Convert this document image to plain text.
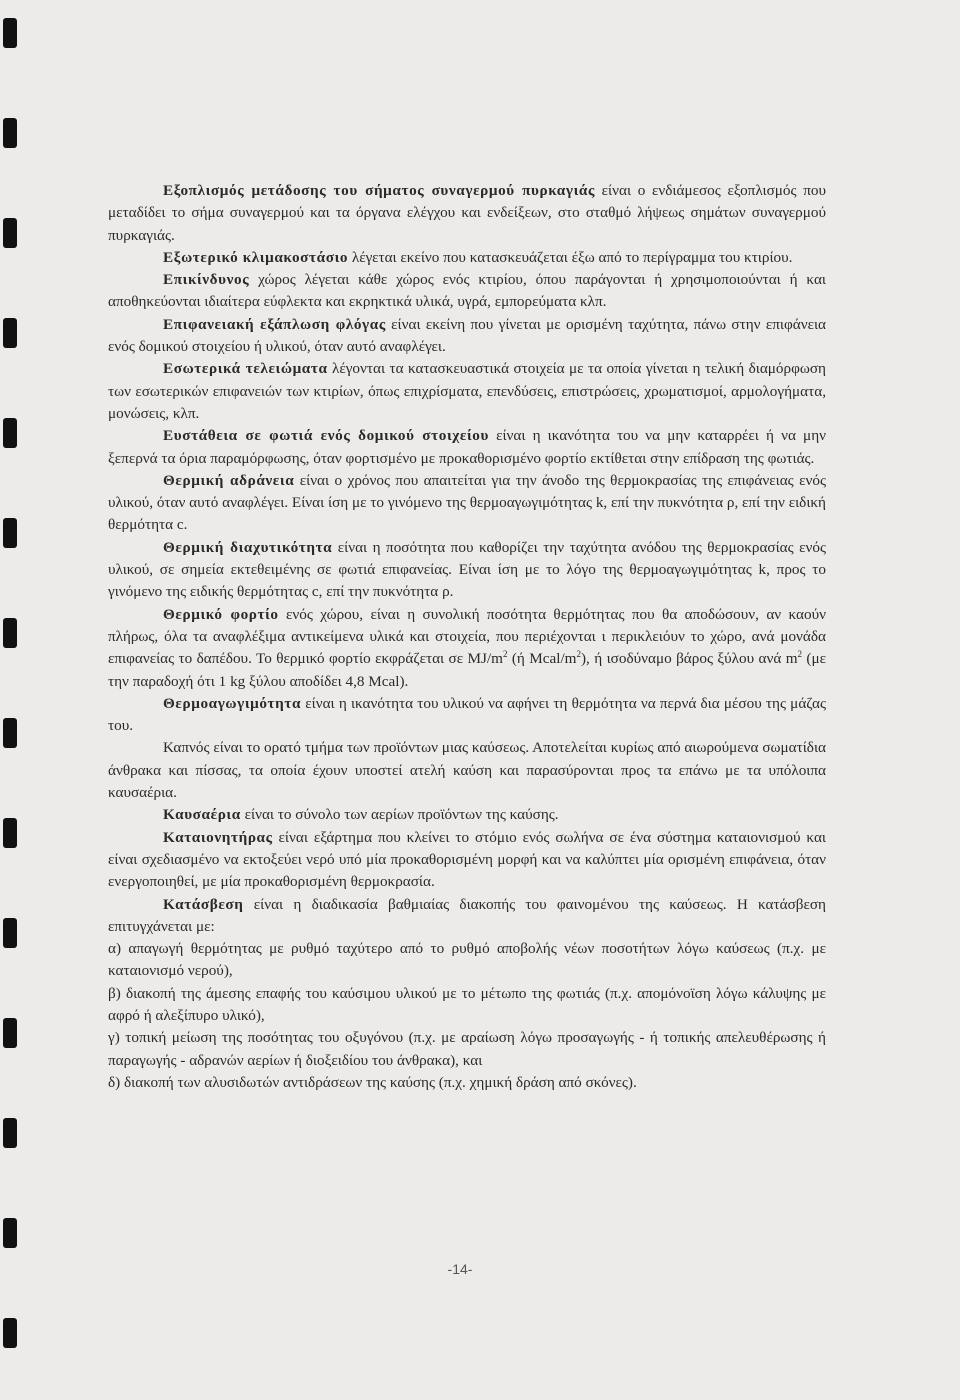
Εξοπλισμός μετάδοσης του σήματος συναγερμού πυρκαγιάς είναι ο ενδιάμεσος εξοπλισμός που μεταδίδει το σήμα συναγερμού και τα όργανα ελέγχου και ενδείξεων, στο σταθμό λήψεως σημάτων συναγερμού πυρκαγιάς.

Εξωτερικό κλιμακοστάσιο λέγεται εκείνο που κατασκευάζεται έξω από το περίγραμμα του κτιρίου.

Επικίνδυνος χώρος λέγεται κάθε χώρος ενός κτιρίου, όπου παράγονται ή χρησιμοποιούνται ή και αποθηκεύονται ιδιαίτερα εύφλεκτα και εκρηκτικά υλικά, υγρά, εμπορεύματα κλπ.

Επιφανειακή εξάπλωση φλόγας είναι εκείνη που γίνεται με ορισμένη ταχύτητα, πάνω στην επιφάνεια ενός δομικού στοιχείου ή υλικού, όταν αυτό αναφλέγει.

Εσωτερικά τελειώματα λέγονται τα κατασκευαστικά στοιχεία με τα οποία γίνεται η τελική διαμόρφωση των εσωτερικών επιφανειών των κτιρίων, όπως επιχρίσματα, επενδύσεις, επιστρώσεις, χρωματισμοί, αρμολογήματα, μονώσεις, κλπ.

Ευστάθεια σε φωτιά ενός δομικού στοιχείου είναι η ικανότητα του να μην καταρρέει ή να μην ξεπερνά τα όρια παραμόρφωσης, όταν φορτισμένο με προκαθορισμένο φορτίο εκτίθεται στην επίδραση της φωτιάς.

Θερμική αδράνεια είναι ο χρόνος που απαιτείται για την άνοδο της θερμοκρασίας της επιφάνειας ενός υλικού, όταν αυτό αναφλέγει. Είναι ίση με το γινόμενο της θερμοαγωγιμότητας k, επί την πυκνότητα ρ, επί την ειδική θερμότητα c.

Θερμική διαχυτικότητα είναι η ποσότητα που καθορίζει την ταχύτητα ανόδου της θερμοκρασίας ενός υλικού, σε σημεία εκτεθειμένης σε φωτιά επιφανείας. Είναι ίση με το λόγο της θερμοαγωγιμότητας k, προς το γινόμενο της ειδικής θερμότητας c, επί την πυκνότητα ρ.

Θερμικό φορτίο ενός χώρου, είναι η συνολική ποσότητα θερμότητας που θα αποδώσουν, αν καούν πλήρως, όλα τα αναφλέξιμα αντικείμενα υλικά και στοιχεία, που περιέχονται ι περικλειόυν το χώρο, ανά μονάδα επιφανείας το δαπέδου. Το θερμικό φορτίο εκφράζεται σε $MJ/m^2$ (ή Mcal/$m^2$), ή ισοδύναμο βάρος ξύλου ανά $m^2$ (με την παραδοχή ότι 1 kg ξύλου αποδίδει 4,8 Mcal).

Θερμοαγωγιμότητα είναι η ικανότητα του υλικού να αφήνει τη θερμότητα να περνά δια μέσου της μάζας του.

Καπνός είναι το ορατό τμήμα των προϊόντων μιας καύσεως. Αποτελείται κυρίως από αιωρούμενα σωματίδια άνθρακα και πίσσας, τα οποία έχουν υποστεί ατελή καύση και παρασύρονται προς τα επάνω με τα υπόλοιπα καυσαέρια.

Καυσαέρια είναι το σύνολο των αερίων προϊόντων της καύσης.

Καταιονητήρας είναι εξάρτημα που κλείνει το στόμιο ενός σωλήνα σε ένα σύστημα καταιονισμού και είναι σχεδιασμένο να εκτοξεύει νερό υπό μία προκαθορισμένη μορφή και να καλύπτει μία ορισμένη επιφάνεια, όταν ενεργοποιηθεί, με μία προκαθορισμένη θερμοκρασία.

Κατάσβεση είναι η διαδικασία βαθμιαίας διακοπής του φαινομένου της καύσεως. Η κατάσβεση επιτυγχάνεται με:

α) απαγωγή θερμότητας με ρυθμό ταχύτερο από το ρυθμό αποβολής νέων ποσοτήτων λόγω καύσεως (π.χ. με καταιονισμό νερού),

β) διακοπή της άμεσης επαφής του καύσιμου υλικού με το μέτωπο της φωτιάς (π.χ. απομόνοϊση λόγω κάλυψης με αφρό ή αλεξίπυρο υλικό),

γ) τοπική μείωση της ποσότητας του οξυγόνου (π.χ. με αραίωση λόγω προσαγωγής - ή τοπικής απελευθέρωσης ή παραγωγής - αδρανών αερίων ή διοξειδίου του άνθρακα), και

δ) διακοπή των αλυσιδωτών αντιδράσεων της καύσης (π.χ. χημική δράση από σκόνες).

-14-
